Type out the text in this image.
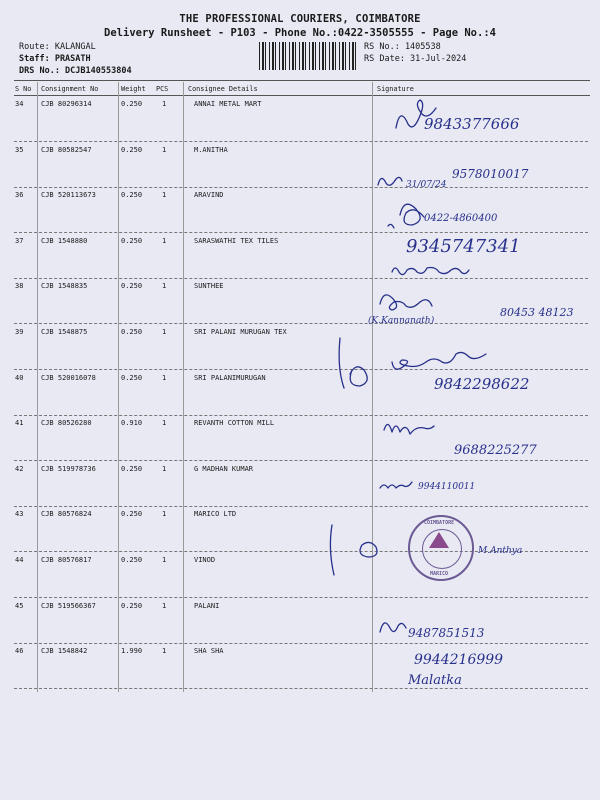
THE PROFESSIONAL COURIERS, COIMBATORE
Delivery Runsheet - P103 - Phone No.:0422-3505555 - Page No.:4
Route: KALANGAL
Staff: PRASATH
DRS No.: DCJB140553804
RS No.: 1405538
RS Date: 31-Jul-2024
S No Consignment No	Weight PCS	Consignee Details	Signature
34	CJB 80296314	0.250	1	ANNAI METAL MART
35	CJB 80582547	0.250	1	M.ANITHA
36	CJB 520113673	0.250	1	ARAVIND
37	CJB 1548880	0.250	1	SARASWATHI TEX TILES
38	CJB 1548835	0.250	1	SUNTHEE
39	CJB 1548875	0.250	1	SRI PALANI MURUGAN TEX
40	CJB 520016078	0.250	1	SRI PALANIMURUGAN
41	CJB 80526280	0.910	1	REVANTH COTTON MILL
42	CJB 519978736	0.250	1	G MADHAN KUMAR
43	CJB 80576824	0.250	1	MARICO LTD
44	CJB 80576817	0.250	1	VINOD
45	CJB 519566367	0.250	1	PALANI
46	CJB 1548842	1.990	1	SHA SHA
COIMBATORE
MARICO
9843377666
31/07/24
9578010017
0422-4860400
9345747341
(K.Kannanath)
80453 48123
9842298622
9688225277
9944110011
M.Anthya
9487851513
9944216999
Malatka
